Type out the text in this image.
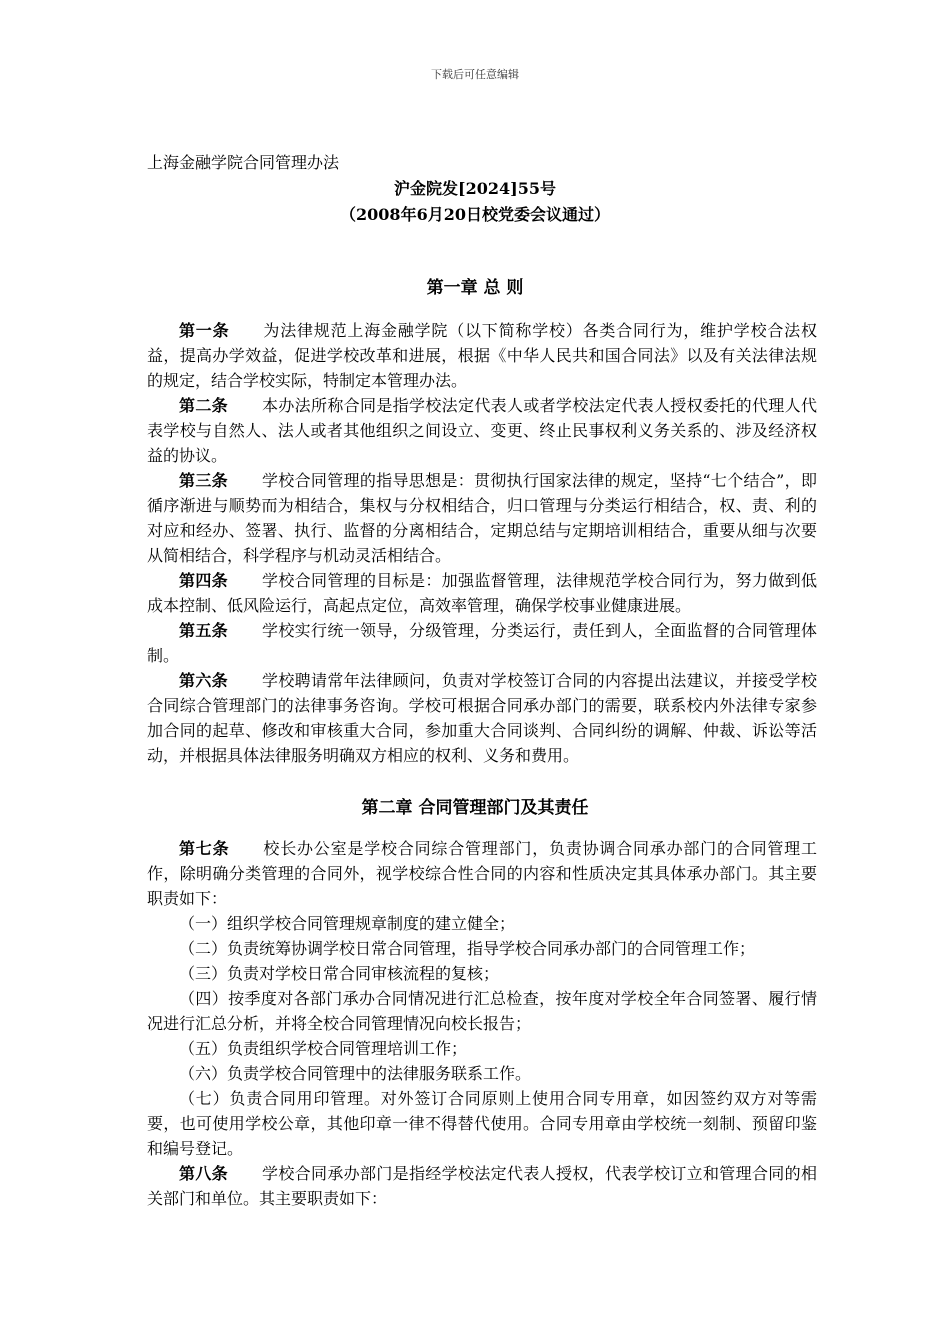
下载后可任意编辑
上海金融学院合同管理办法
沪金院发[2024]55号
（2008年6月20日校党委会议通过）
第一章 总 则

第一条 为法律规范上海金融学院（以下简称学校）各类合同行为，维护学校合法权益，提高办学效益，促进学校改革和进展，根据《中华人民共和国合同法》以及有关法律法规的规定，结合学校实际，特制定本管理办法。

第二条 本办法所称合同是指学校法定代表人或者学校法定代表人授权委托的代理人代表学校与自然人、法人或者其他组织之间设立、变更、终止民事权利义务关系的、涉及经济权益的协议。

第三条 学校合同管理的指导思想是：贯彻执行国家法律的规定，坚持“七个结合”，即循序渐进与顺势而为相结合，集权与分权相结合，归口管理与分类运行相结合，权、责、利的对应和经办、签署、执行、监督的分离相结合，定期总结与定期培训相结合，重要从细与次要从简相结合，科学程序与机动灵活相结合。

第四条 学校合同管理的目标是：加强监督管理，法律规范学校合同行为，努力做到低成本控制、低风险运行，高起点定位，高效率管理，确保学校事业健康进展。

第五条 学校实行统一领导，分级管理，分类运行，责任到人，全面监督的合同管理体制。

第六条 学校聘请常年法律顾问，负责对学校签订合同的内容提出法建议，并接受学校合同综合管理部门的法律事务咨询。学校可根据合同承办部门的需要，联系校内外法律专家参加合同的起草、修改和审核重大合同，参加重大合同谈判、合同纠纷的调解、仲裁、诉讼等活动，并根据具体法律服务明确双方相应的权利、义务和费用。

第二章 合同管理部门及其责任

第七条 校长办公室是学校合同综合管理部门，负责协调合同承办部门的合同管理工作，除明确分类管理的合同外，视学校综合性合同的内容和性质决定其具体承办部门。其主要职责如下：

（一）组织学校合同管理规章制度的建立健全；

（二）负责统筹协调学校日常合同管理，指导学校合同承办部门的合同管理工作；

（三）负责对学校日常合同审核流程的复核；

（四）按季度对各部门承办合同情况进行汇总检查，按年度对学校全年合同签署、履行情况进行汇总分析，并将全校合同管理情况向校长报告；

（五）负责组织学校合同管理培训工作；

（六）负责学校合同管理中的法律服务联系工作。

（七）负责合同用印管理。对外签订合同原则上使用合同专用章，如因签约双方对等需要，也可使用学校公章，其他印章一律不得替代使用。合同专用章由学校统一刻制、预留印鉴和编号登记。

第八条 学校合同承办部门是指经学校法定代表人授权，代表学校订立和管理合同的相关部门和单位。其主要职责如下：
